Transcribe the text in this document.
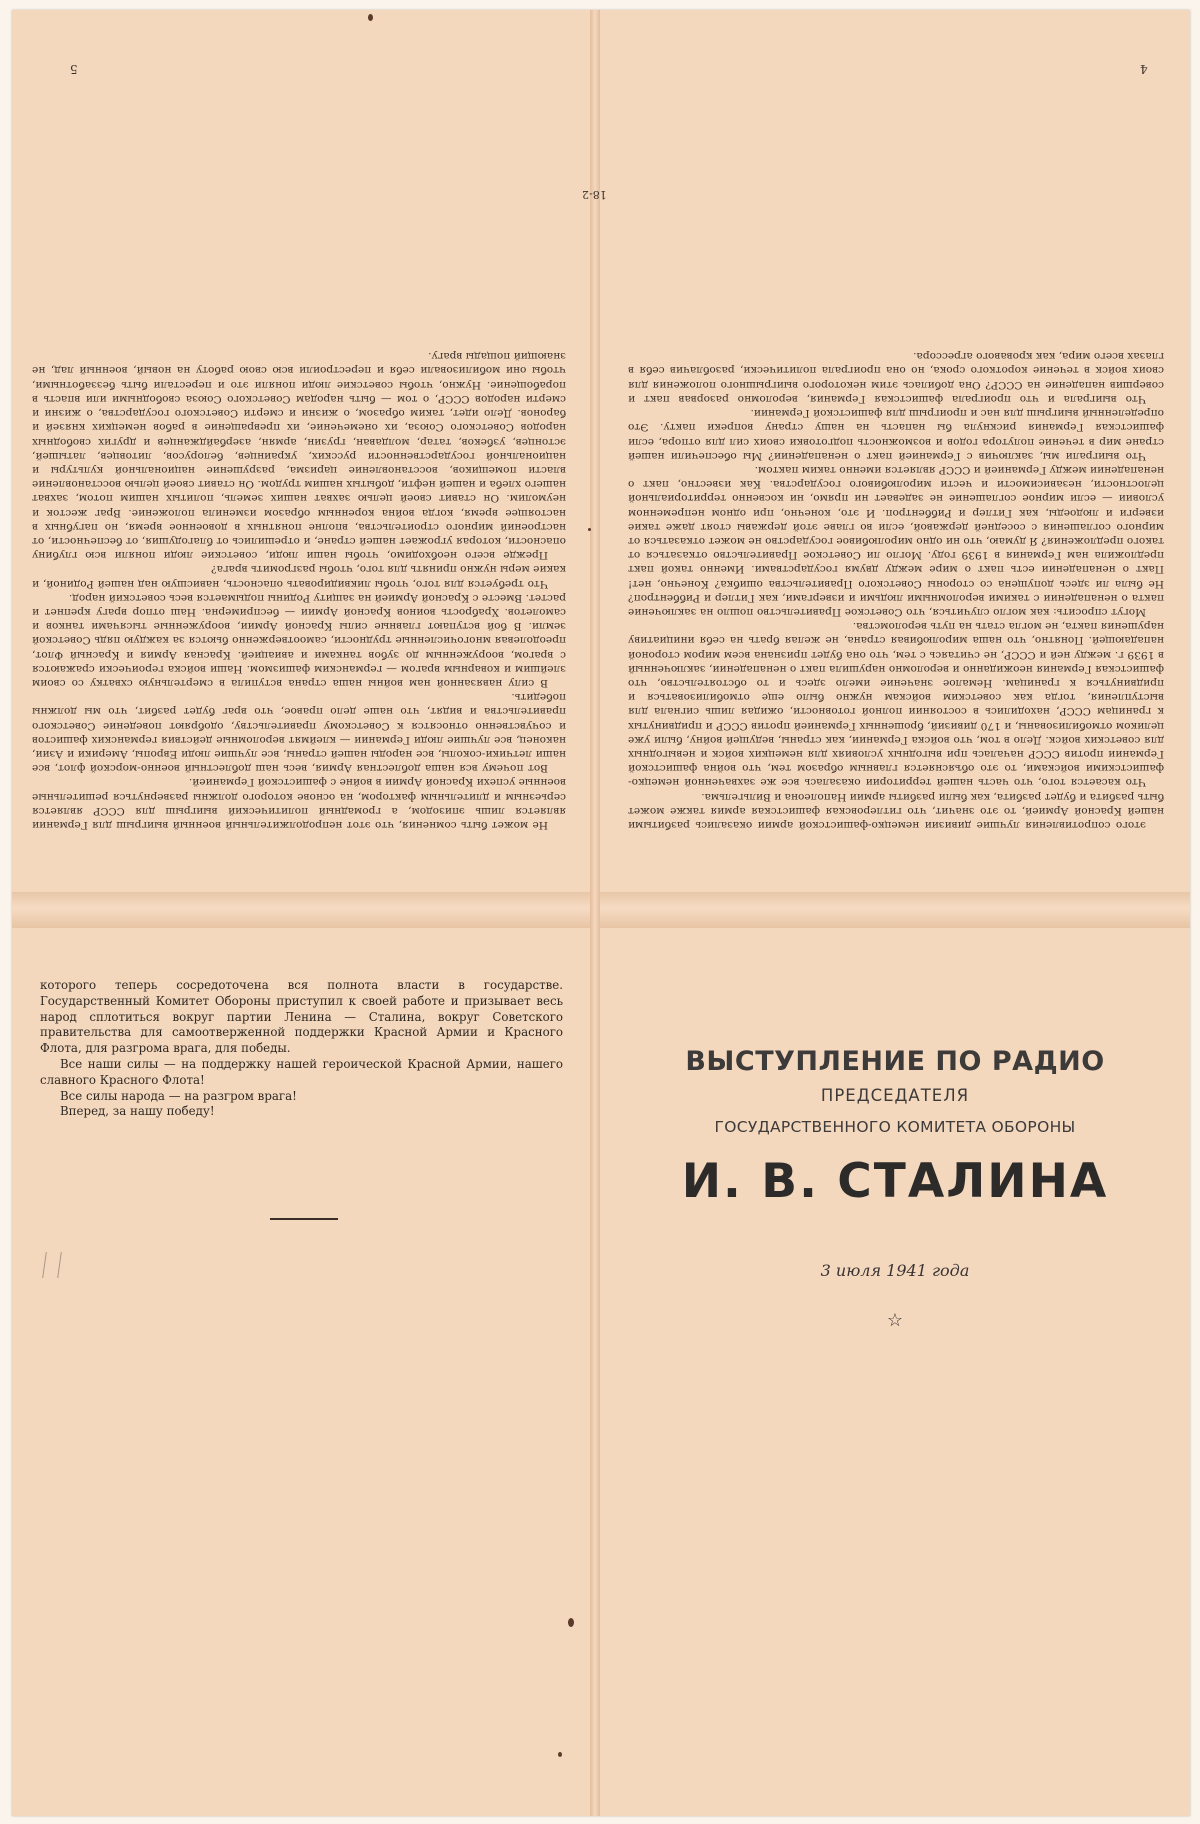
Не может быть сомнения, что этот непродолжительный военный выигрыш для Германии является лишь эпизодом, а громадный политический выигрыш для СССР является серьезным и длительным фактором, на основе которого должны развернуться решительные военные успехи Красной Армии в войне с фашистской Германией.

Вот почему вся наша доблестная Армия, весь наш доблестный военно-морской флот, все наши летчики-соколы, все народы нашей страны, все лучшие люди Европы, Америки и Азии, наконец, все лучшие люди Германии — клеймят вероломные действия германских фашистов и сочувственно относятся к Советскому правительству, одобряют поведение Советского правительства и видят, что наше дело правое, что враг будет разбит, что мы должны победить.

В силу навязанной нам войны наша страна вступила в смертельную схватку со своим злейшим и коварным врагом — германским фашизмом. Наши войска героически сражаются с врагом, вооруженным до зубов танками и авиацией. Красная Армия и Красный Флот, преодолевая многочисленные трудности, самоотверженно бьются за каждую пядь Советской земли. В бой вступают главные силы Красной Армии, вооруженные тысячами танков и самолетов. Храбрость воинов Красной Армии — беспримерна. Наш отпор врагу крепнет и растет. Вместе с Красной Армией на защиту Родины подымается весь советский народ.

Что требуется для того, чтобы ликвидировать опасность, нависшую над нашей Родиной, и какие меры нужно принять для того, чтобы разгромить врага?

Прежде всего необходимо, чтобы наши люди, советские люди поняли всю глубину опасности, которая угрожает нашей стране, и отрешились от благодушия, от беспечности, от настроений мирного строительства, вполне понятных в довоенное время, но пагубных в настоящее время, когда война коренным образом изменила положение. Враг жесток и неумолим. Он ставит своей целью захват наших земель, политых нашим потом, захват нашего хлеба и нашей нефти, добытых нашим трудом. Он ставит своей целью восстановление власти помещиков, восстановление царизма, разрушение национальной культуры и национальной государственности русских, украинцев, белорусов, литовцев, латышей, эстонцев, узбеков, татар, молдаван, грузин, армян, азербайджанцев и других свободных народов Советского Союза, их онемечение, их превращение в рабов немецких князей и баронов. Дело идет, таким образом, о жизни и смерти Советского государства, о жизни и смерти народов СССР, о том — быть народам Советского Союза свободными или впасть в порабощение. Нужно, чтобы советские люди поняли это и перестали быть беззаботными, чтобы они мобилизовали себя и перестроили всю свою работу на новый, военный лад, не знающий пощады врагу.

5

этого сопротивления лучшие дивизии немецко-фашистской армии оказались разбитыми нашей Красной Армией, то это значит, что гитлеровская фашистская армия также может быть разбита и будет разбита, как были разбиты армии Наполеона и Вильгельма.

Что касается того, что часть нашей территории оказалась все же захваченной немецко-фашистскими войсками, то это объясняется главным образом тем, что война фашистской Германии против СССР началась при выгодных условиях для немецких войск и невыгодных для советских войск. Дело в том, что войска Германии, как страны, ведущей войну, были уже целиком отмобилизованы, и 170 дивизий, брошенных Германией против СССР и придвинутых к границам СССР, находились в состоянии полной готовности, ожидая лишь сигнала для выступления, тогда как советским войскам нужно было еще отмобилизоваться и придвинуться к границам. Немалое значение имело здесь и то обстоятельство, что фашистская Германия неожиданно и вероломно нарушила пакт о ненападении, заключенный в 1939 г. между ней и СССР, не считаясь с тем, что она будет признана всем миром стороной нападающей. Понятно, что наша миролюбивая страна, не желая брать на себя инициативу нарушения пакта, не могла стать на путь вероломства.

Могут спросить: как могло случиться, что Советское Правительство пошло на заключение пакта о ненападении с такими вероломными людьми и извергами, как Гитлер и Риббентроп? Не была ли здесь допущена со стороны Советского Правительства ошибка? Конечно, нет! Пакт о ненападении есть пакт о мире между двумя государствами. Именно такой пакт предложила нам Германия в 1939 году. Могло ли Советское Правительство отказаться от такого предложения? Я думаю, что ни одно миролюбивое государство не может отказаться от мирного соглашения с соседней державой, если во главе этой державы стоят даже такие изверги и людоеды, как Гитлер и Риббентроп. И это, конечно, при одном непременном условии — если мирное соглашение не задевает ни прямо, ни косвенно территориальной целостности, независимости и чести миролюбивого государства. Как известно, пакт о ненападении между Германией и СССР является именно таким пактом.

Что выиграли мы, заключив с Германией пакт о ненападении? Мы обеспечили нашей стране мир в течение полутора годов и возможность подготовки своих сил для отпора, если фашистская Германия рискнула бы напасть на нашу страну вопреки пакту. Это определенный выигрыш для нас и проигрыш для фашистской Германии.

Что выиграла и что проиграла фашистская Германия, вероломно разорвав пакт и совершив нападение на СССР? Она добилась этим некоторого выигрышного положения для своих войск в течение короткого срока, но она проиграла политически, разоблачив себя в глазах всего мира, как кровавого агрессора.

4
18-2

которого теперь сосредоточена вся полнота власти в государстве. Государственный Комитет Обороны приступил к своей работе и призывает весь народ сплотиться вокруг партии Ленина — Сталина, вокруг Советского правительства для самоотверженной поддержки Красной Армии и Красного Флота, для разгрома врага, для победы.

Все наши силы — на поддержку нашей героической Красной Армии, нашего славного Красного Флота!

Все силы народа — на разгром врага!

Вперед, за нашу победу!

ВЫСТУПЛЕНИЕ ПО РАДИО
ПРЕДСЕДАТЕЛЯ
ГОСУДАРСТВЕННОГО КОМИТЕТА ОБОРОНЫ
И. В. СТАЛИНА
3 июля 1941 года
☆
